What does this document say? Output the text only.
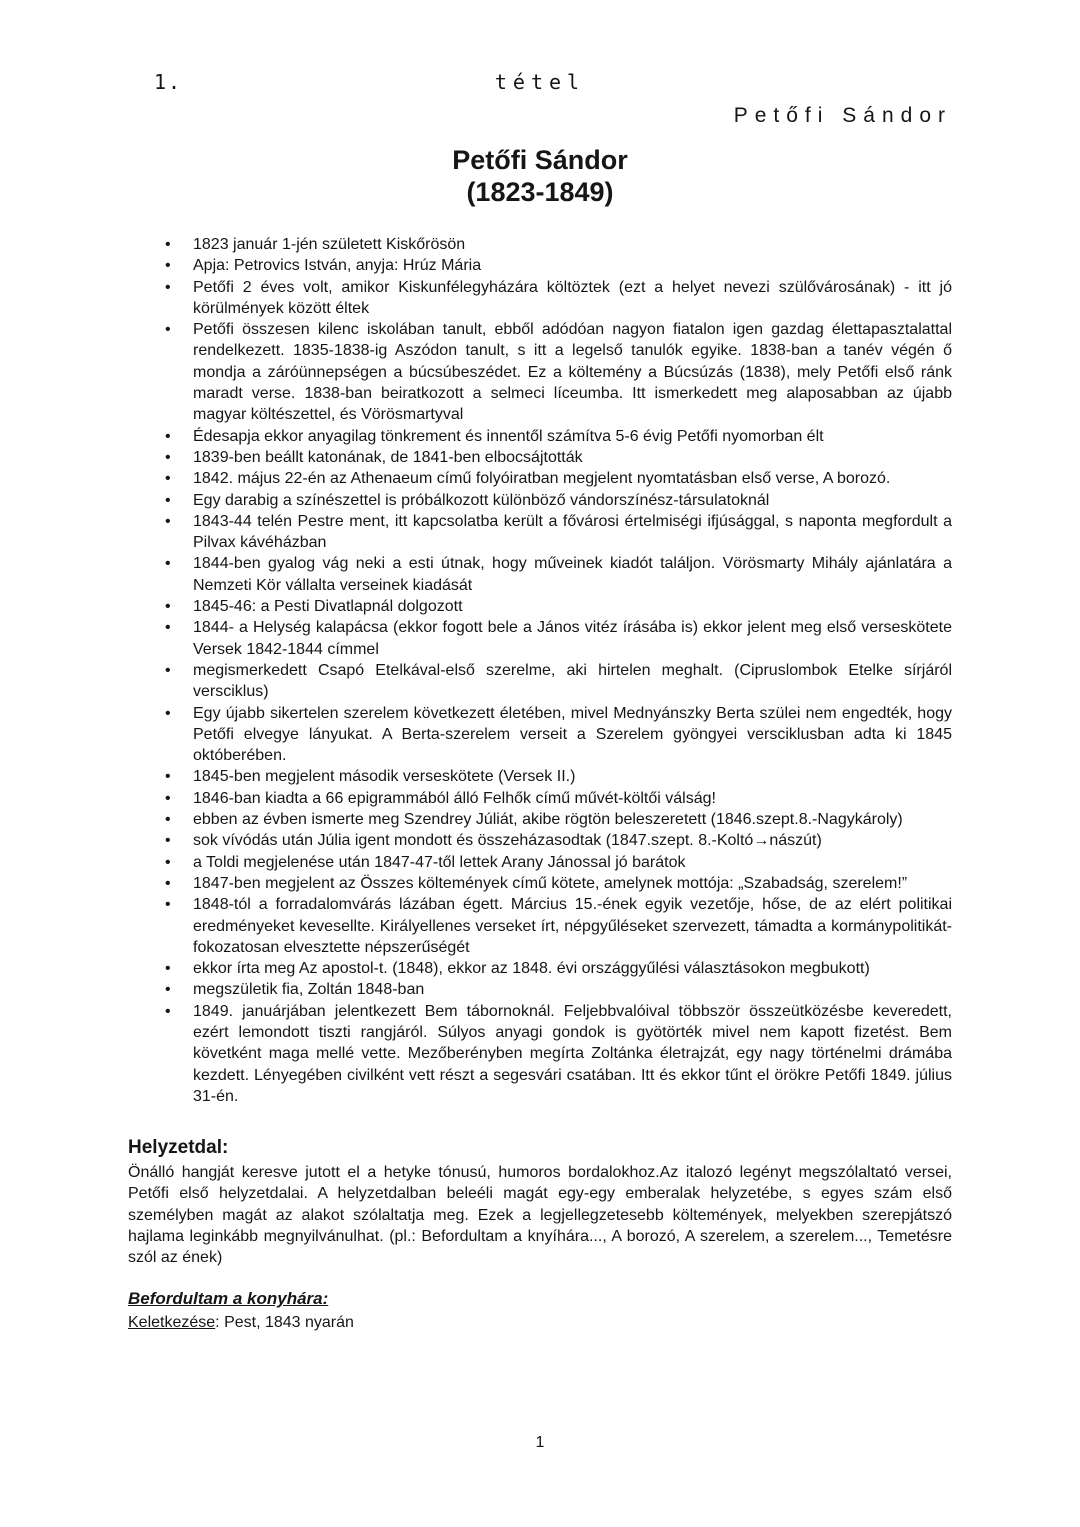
1.	tétel
Petőfi Sándor
Petőfi Sándor
(1823-1849)
• 1823 január 1-jén született Kiskőrösön
• Apja: Petrovics István, anyja: Hrúz Mária
• Petőfi 2 éves volt, amikor Kiskunfélegyházára költöztek (ezt a helyet nevezi szülővárosának) - itt jó körülmények között éltek
• Petőfi összesen kilenc iskolában tanult, ebből adódóan nagyon fiatalon igen gazdag élettapasztalattal rendelkezett. 1835-1838-ig Aszódon tanult, s itt a legelső tanulók egyike. 1838-ban a tanév végén ő mondja a záróünnepségen a búcsúbeszédet. Ez a költemény a Búcsúzás (1838), mely Petőfi első ránk maradt verse. 1838-ban beiratkozott a selmeci líceumba. Itt ismerkedett meg alaposabban az újabb magyar költészettel, és Vörösmartyval
• Édesapja ekkor anyagilag tönkrement és innentől számítva 5-6 évig Petőfi nyomorban élt
• 1839-ben beállt katonának, de 1841-ben elbocsájtották
• 1842. május 22-én az Athenaeum című folyóiratban megjelent nyomtatásban első verse, A borozó.
• Egy darabig a színészettel is próbálkozott különböző vándorszínész-társulatoknál
• 1843-44 telén Pestre ment, itt kapcsolatba került a fővárosi értelmiségi ifjúsággal, s naponta megfordult a Pilvax kávéházban
• 1844-ben gyalog vág neki a esti útnak, hogy műveinek kiadót találjon. Vörösmarty Mihály ajánlatára a Nemzeti Kör vállalta verseinek kiadását
• 1845-46: a Pesti Divatlapnál dolgozott
• 1844- a Helység kalapácsa (ekkor fogott bele a János vitéz írásába is) ekkor jelent meg első verseskötete Versek 1842-1844 címmel
• megismerkedett Csapó Etelkával-első szerelme, aki hirtelen meghalt. (Cipruslombok Etelke sírjáról versciklus)
• Egy újabb sikertelen szerelem következett életében, mivel Mednyánszky Berta szülei nem engedték, hogy Petőfi elvegye lányukat. A Berta-szerelem verseit a Szerelem gyöngyei versciklusban adta ki 1845 októberében.
• 1845-ben megjelent második verseskötete (Versek II.)
• 1846-ban kiadta a 66 epigrammából álló Felhők című művét-költői válság!
• ebben az évben ismerte meg Szendrey Júliát, akibe rögtön beleszeretett (1846.szept.8.-Nagykároly)
• sok vívódás után Júlia igent mondott és összeházasodtak (1847.szept. 8.-Koltó→nászút)
• a Toldi megjelenése után 1847-47-től lettek Arany Jánossal jó barátok
• 1847-ben megjelent az Összes költemények című kötete, amelynek mottója: „Szabadság, szerelem!”
• 1848-tól a forradalomvárás lázában égett. Március 15.-ének egyik vezetője, hőse, de az elért politikai eredményeket kevesellte. Királyellenes verseket írt, népgyűléseket szervezett, támadta a kormánypolitikát-fokozatosan elvesztette népszerűségét
• ekkor írta meg Az apostol-t. (1848), ekkor az 1848. évi országgyűlési választásokon megbukott)
• megszületik fia, Zoltán 1848-ban
• 1849. januárjában jelentkezett Bem tábornoknál. Feljebbvalóival többször összeütközésbe keveredett, ezért lemondott tiszti rangjáról. Súlyos anyagi gondok is gyötörték mivel nem kapott fizetést. Bem követként maga mellé vette. Mezőberényben megírta Zoltánka életrajzát, egy nagy történelmi drámába kezdett. Lényegében civilként vett részt a segesvári csatában. Itt és ekkor tűnt el örökre Petőfi 1849. július 31-én.
Helyzetdal:
Önálló hangját keresve jutott el a hetyke tónusú, humoros bordalokhoz.Az italozó legényt megszólaltató versei, Petőfi első helyzetdalai. A helyzetdalban beleéli magát egy-egy emberalak helyzetébe, s egyes szám első személyben magát az alakot szólaltatja meg. Ezek a legjellegzetesebb költemények, melyekben szerepjátszó hajlama leginkább megnyilvánulhat. (pl.: Befordultam a knyíhára..., A borozó, A szerelem, a szerelem..., Temetésre szól az ének)
Befordultam a konyhára:
Keletkezése: Pest, 1843 nyarán
1
